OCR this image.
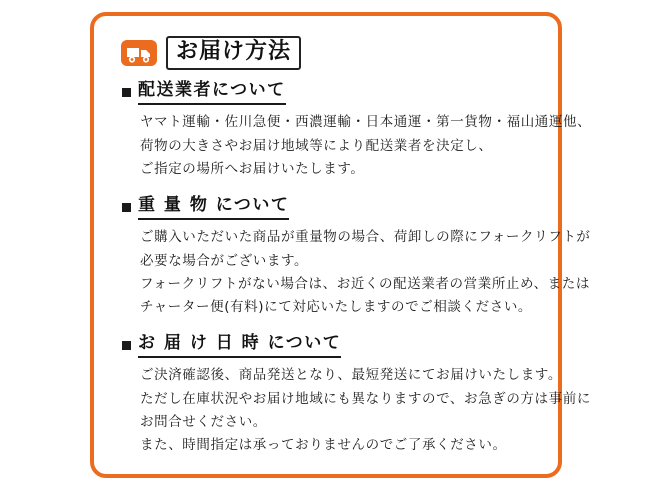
お届け方法
配送業者について
ヤマト運輸・佐川急便・西濃運輸・日本通運・第一貨物・福山通運他、
荷物の大きさやお届け地域等により配送業者を決定し、
ご指定の場所へお届けいたします。
重 量 物 について
ご購入いただいた商品が重量物の場合、荷卸しの際にフォークリフトが
必要な場合がございます。
フォークリフトがない場合は、お近くの配送業者の営業所止め、または
チャーター便(有料)にて対応いたしますのでご相談ください。
お 届 け 日 時 について
ご決済確認後、商品発送となり、最短発送にてお届けいたします。
ただし在庫状況やお届け地域にも異なりますので、お急ぎの方は事前に
お問合せください。
また、時間指定は承っておりませんのでご了承ください。
